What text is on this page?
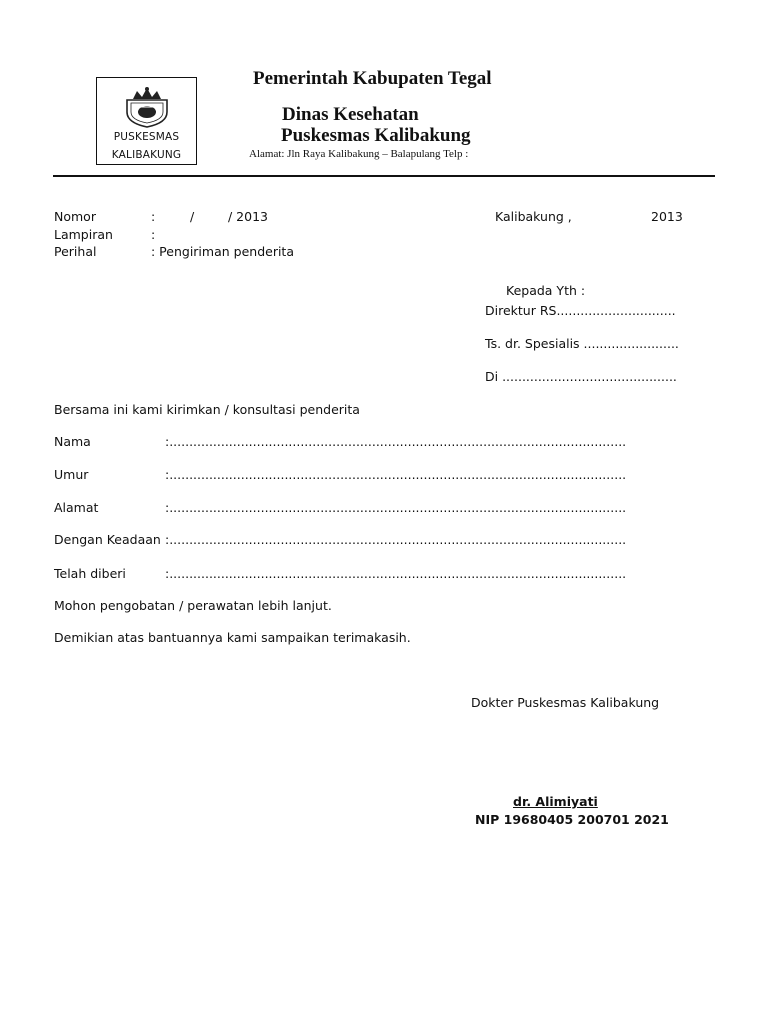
PUSKESMAS
KALIBAKUNG
Pemerintah Kabupaten Tegal
Dinas Kesehatan
Puskesmas Kalibakung
Alamat: Jln Raya Kalibakung – Balapulang Telp :
Nomor	:	/	/ 2013	Kalibakung ,	2013
Lampiran	:
Perihal	: Pengiriman penderita
Kepada Yth :
Direktur RS..............................
Ts. dr. Spesialis ........................
Di ............................................
Bersama ini kami kirimkan / konsultasi penderita
Nama	:...................................................................................................................
Umur	:...................................................................................................................
Alamat	:...................................................................................................................
Dengan Keadaan :...................................................................................................................
Telah diberi	:...................................................................................................................
Mohon pengobatan / perawatan lebih lanjut.
Demikian atas bantuannya kami sampaikan terimakasih.
Dokter Puskesmas Kalibakung
dr. Alimiyati
NIP 19680405 200701 2021
